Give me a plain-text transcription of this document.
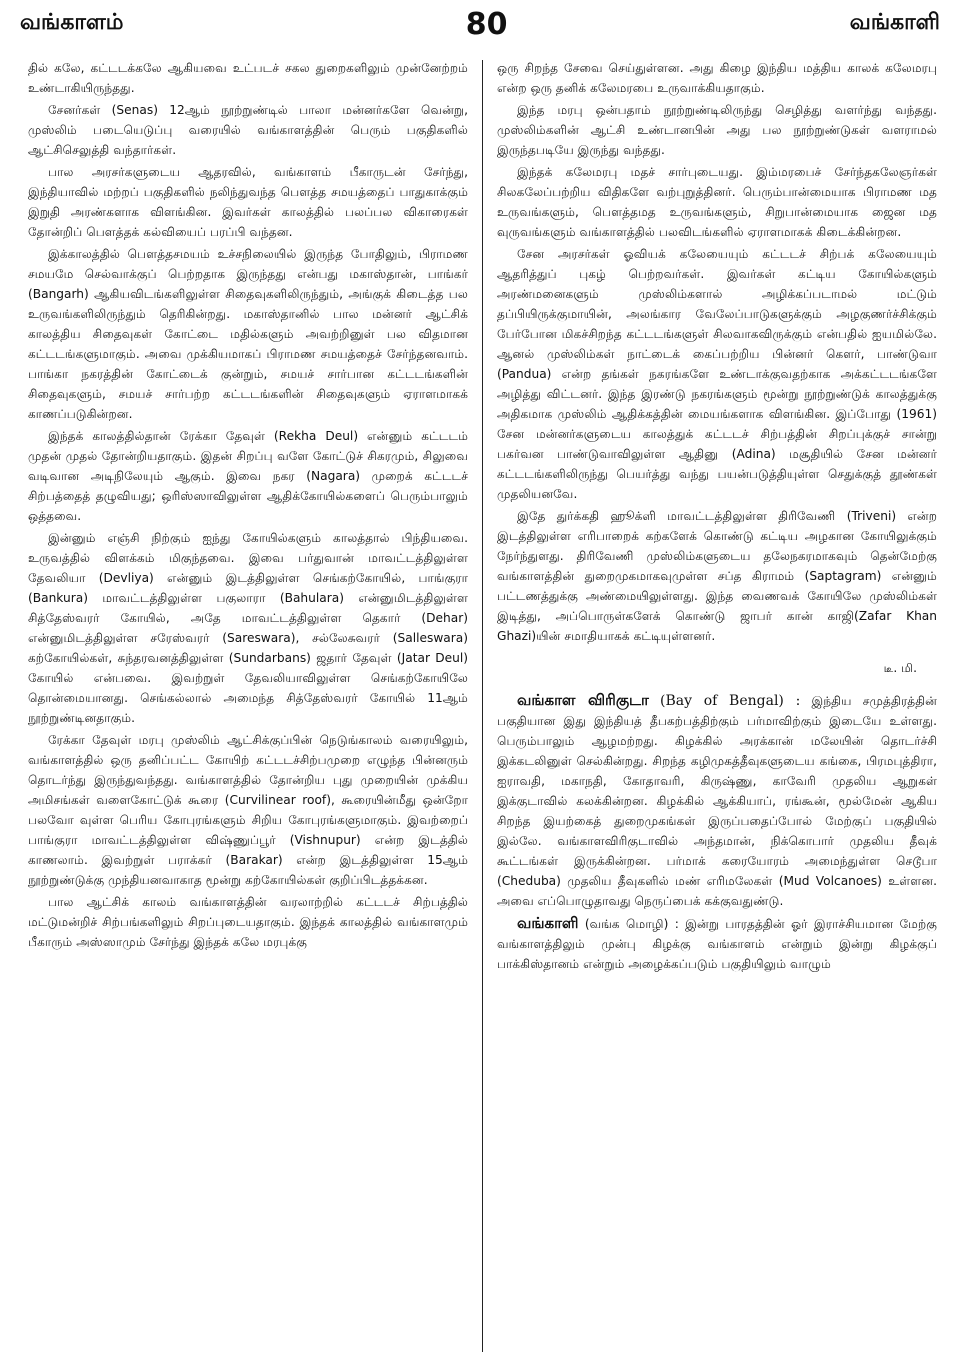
வங்காளம்	80	வங்காளி

தில் கலே, கட்டடக்கலே ஆகியவை உட்படச் சகல துறைகளிலும் முன்னேற்றம் உண்டாகியிருந்தது.

சேனர்கள் (Senas) 12ஆம் நூற்றுண்டில் பாலா மன்னர்களே வென்று, முஸ்லிம் படையெடுப்பு வரையில் வங்காளத்தின் பெரும் பகுதிகளில் ஆட்சிசெலுத்தி வந்தார்கள்.

பால அரசர்களுடைய ஆதரவில், வங்காளம் பீகாருடன் சேர்ந்து, இந்தியாவில் மற்றப் பகுதிகளில் நலிந்துவந்த பௌத்த சமயத்தைப் பாதுகாக்கும் இறுதி அரண்களாக விளங்கின. இவர்கள் காலத்தில் பலப்பல விகாரைகள் தோன்றிப் பௌத்தக் கல்வியைப் பரப்பி வந்தன.

இக்காலத்தில் பௌத்தசமயம் உச்சநிலையில் இருந்த போதிலும், பிராமண சமயமே செல்வாக்குப் பெற்றதாக இருந்தது என்பது மகாஸ்தான், பாங்கர் (Bangarh) ஆகியவிடங்களிலுள்ள சிதைவுகளிலிருந்தும், அங்குக் கிடைத்த பல உருவங்களிலிருந்தும் தெரிகின்றது. மகாஸ்தானில் பால மன்னர் ஆட்சிக் காலத்திய சிதைவுகள் கோட்டை மதில்களும் அவற்றினுள் பல விதமான கட்டடங்களுமாகும். அவை முக்கியமாகப் பிராமண சமயத்தைச் சேர்ந்தனவாம். பாங்கா நகரத்தின் கோட்டைக் குன்றும், சமயச் சார்பான கட்டடங்களின் சிதைவுகளும், சமயச் சார்பற்ற கட்டடங்களின் சிதைவுகளும் ஏராளமாகக் காணப்படுகின்றன.

இந்தக் காலத்தில்தான் ரேக்கா தேவுள் (Rekha Deul) என்னும் கட்டடம் முதன் முதல் தோன்றியதாகும். இதன் சிறப்பு வளே கோட்டுச் சிகரமும், சிலுவை வடிவான அடிநிலேயும் ஆகும். இவை நகர (Nagara) முறைக் கட்டடச் சிற்பத்தைத் தழுவியது; ஒரிஸ்ஸாவிலுள்ள ஆதிக்கோயில்களைப் பெரும்பாலும் ஒத்தவை.

இன்னும் எஞ்சி நிற்கும் ஐந்து கோயில்களும் காலத்தால் பிந்தியவை. உருவத்தில் விளக்கம் மிகுந்தவை. இவை பர்துவான் மாவட்டத்திலுள்ள தேவலியா (Devliya) என்னும் இடத்திலுள்ள செங்கற்கோயில், பாங்குரா (Bankura) மாவட்டத்திலுள்ள பகுலாரா (Bahulara) என்னுமிடத்திலுள்ள சித்தேஸ்வரர் கோயில், அதே மாவட்டத்திலுள்ள தெகார் (Dehar) என்னுமிடத்திலுள்ள சரேஸ்வரர் (Sareswara), சல்லேசுவரர் (Salleswara) கற்கோயில்கள், சுந்தரவனத்திலுள்ள (Sundarbans) ஜதார் தேவுள் (Jatar Deul) கோயில் என்பவை. இவற்றுள் தேவலியாவிலுள்ள செங்கற்கோயிலே தொன்மையானது. செங்கல்லால் அமைந்த சித்தேஸ்வரர் கோயில் 11ஆம் நூற்றுண்டினதாகும்.

ரேக்கா தேவுள் மரபு முஸ்லிம் ஆட்சிக்குப்பின் நெடுங்காலம் வரையிலும், வங்காளத்தில் ஒரு தனிப்பட்ட கோயிற் கட்டடச்சிற்பமுறை எழுந்த பின்னரும் தொடர்ந்து இருந்துவந்தது. வங்காளத்தில் தோன்றிய புது முறையின் முக்கிய அமிசங்கள் வளைகோட்டுக் கூரை (Curvilinear roof), கூரையின்மீது ஒன்றோ பலவோ வுள்ள பெரிய கோபுரங்களும் சிறிய கோபுரங்களுமாகும். இவற்றைப் பாங்குரா மாவட்டத்திலுள்ள விஷ்ணுப்பூர் (Vishnupur) என்ற இடத்தில் காணலாம். இவற்றுள் பராக்கர் (Barakar) என்ற இடத்திலுள்ள 15ஆம் நூற்றுண்டுக்கு முந்தியனவாகாத மூன்று கற்கோயில்கள் குறிப்பிடத்தக்கன.

பால ஆட்சிக் காலம் வங்காளத்தின் வரலாற்றில் கட்டடச் சிற்பத்தில் மட்டுமன்றிச் சிற்பங்களிலும் சிறப்புடையதாகும். இந்தக் காலத்தில் வங்காளமும் பீகாரும் அஸ்ஸாமும் சேர்ந்து இந்தக் கலே மரபுக்கு

ஒரு சிறந்த சேவை செய்துள்ளன. அது கிழை இந்திய மத்திய காலக் கலேமரபு என்ற ஒரு தனிக் கலேமரபை உருவாக்கியதாகும்.

இந்த மரபு ஒன்பதாம் நூற்றுண்டிலிருந்து செழித்து வளர்ந்து வந்தது. முஸ்லிம்களின் ஆட்சி உண்டானபின் அது பல நூற்றுண்டுகள் வளராமல் இருந்தபடியே இருந்து வந்தது.

இந்தக் கலேமரபு மதச் சார்புடையது. இம்மரபைச் சேர்ந்தகலேஞர்கள் சிலகலேப்பற்றிய விதிகளே வற்புறுத்தினர். பெரும்பான்மையாக பிராமண மத உருவங்களும், பௌத்தமத உருவங்களும், சிறுபான்மையாக ஜைன மத வுருவங்களும் வங்காளத்தில் பலவிடங்களில் ஏராளமாகக் கிடைக்கின்றன.

சேன அரசர்கள் ஓவியக் கலேயையும் கட்டடச் சிற்பக் கலேயையும் ஆதரித்துப் புகழ் பெற்றவர்கள். இவர்கள் கட்டிய கோயில்களும் அரண்மனைகளும் முஸ்லிம்களால் அழிக்கப்படாமல் மட்டும் தப்பியிருக்குமாயின், அலங்கார வேலேப்பாடுகளுக்கும் அழகுணர்ச்சிக்கும் பேர்போன மிகச்சிறந்த கட்டடங்களுள் சிலவாகவிருக்கும் என்பதில் ஐயமில்லே. ஆனல் முஸ்லிம்கள் நாட்டைக் கைப்பற்றிய பின்னர் கௌர், பாண்டுவா (Pandua) என்ற தங்கள் நகரங்களே உண்டாக்குவதற்காக அக்கட்டடங்களே அழித்து விட்டனர். இந்த இரண்டு நகரங்களும் மூன்று நூற்றுண்டுக் காலத்துக்கு அதிகமாக முஸ்லிம் ஆதிக்கத்தின் மையங்களாக விளங்கின. இப்போது (1961) சேன மன்னர்களுடைய காலத்துக் கட்டடச் சிற்பத்தின் சிறப்புக்குச் சான்று பகர்வன பாண்டுவாவிலுள்ள ஆதினு (Adina) மசூதியில் சேன மன்னர் கட்டடங்களிலிருந்து பெயர்த்து வந்து பயன்படுத்தியுள்ள செதுக்குத் தூண்கள் முதலியனவே.

இதே துர்க்கதி ஹூக்ளி மாவட்டத்திலுள்ள திரிவேணி (Triveni) என்ற இடத்திலுள்ள எரிபாறைக் கற்களேக் கொண்டு கட்டிய அழகான கோயிலுக்கும் நேர்ந்துளது. திரிவேணி முஸ்லிம்களுடைய தலேநகரமாகவும் தென்மேற்கு வங்காளத்தின் துறைமுகமாகவுமுள்ள சப்த கிராமம் (Saptagram) என்னும் பட்டணத்துக்கு அண்மையிலுள்ளது. இந்த வைணவக் கோயிலே முஸ்லிம்கள் இடித்து, அப்பொருள்களேக் கொண்டு ஜாபர் கான் காஜி(Zafar Khan Ghazi)யின் சமாதியாகக் கட்டியுள்ளனர்.

டீ. மி.

வங்காள விரிகுடா (Bay of Bengal) : இந்திய சமுத்திரத்தின் பகுதியான இது இந்தியத் தீபகற்பத்திற்கும் பர்மாவிற்கும் இடையே உள்ளது. பெரும்பாலும் ஆழமற்றது. கிழக்கில் அரக்கான் மலேயின் தொடர்ச்சி இக்கடலினுள் செல்கின்றது. சிறந்த கழிமுகத்தீவுகளுடைய கங்கை, பிரமபுத்திரா, ஐராவதி, மகாநதி, கோதாவரி, கிருஷ்ணு, காவேரி முதலிய ஆறுகள் இக்குடாவில் கலக்கின்றன. கிழக்கில் ஆக்கியாப், ரங்கூன், மூல்மேன் ஆகிய சிறந்த இயற்கைத் துறைமுகங்கள் இருப்பதைப்போல் மேற்குப் பகுதியில் இல்லே. வங்காளவிரிகுடாவில் அந்தமான், நிக்கொபார் முதலிய தீவுக் கூட்டங்கள் இருக்கின்றன. பர்மாக் கரையோரம் அமைந்துள்ள செடூபா (Cheduba) முதலிய தீவுகளில் மண் எரிமலேகள் (Mud Volcanoes) உள்ளன. அவை எப்பொழுதாவது நெருப்பைக் கக்குவதுண்டு.

வங்காளி (வங்க மொழி) : இன்று பாரதத்தின் ஓர் இராச்சியமான மேற்கு வங்காளத்திலும் முன்பு கிழக்கு வங்காளம் என்றும் இன்று கிழக்குப் பாக்கிஸ்தானம் என்றும் அழைக்கப்படும் பகுதியிலும் வாழும்
